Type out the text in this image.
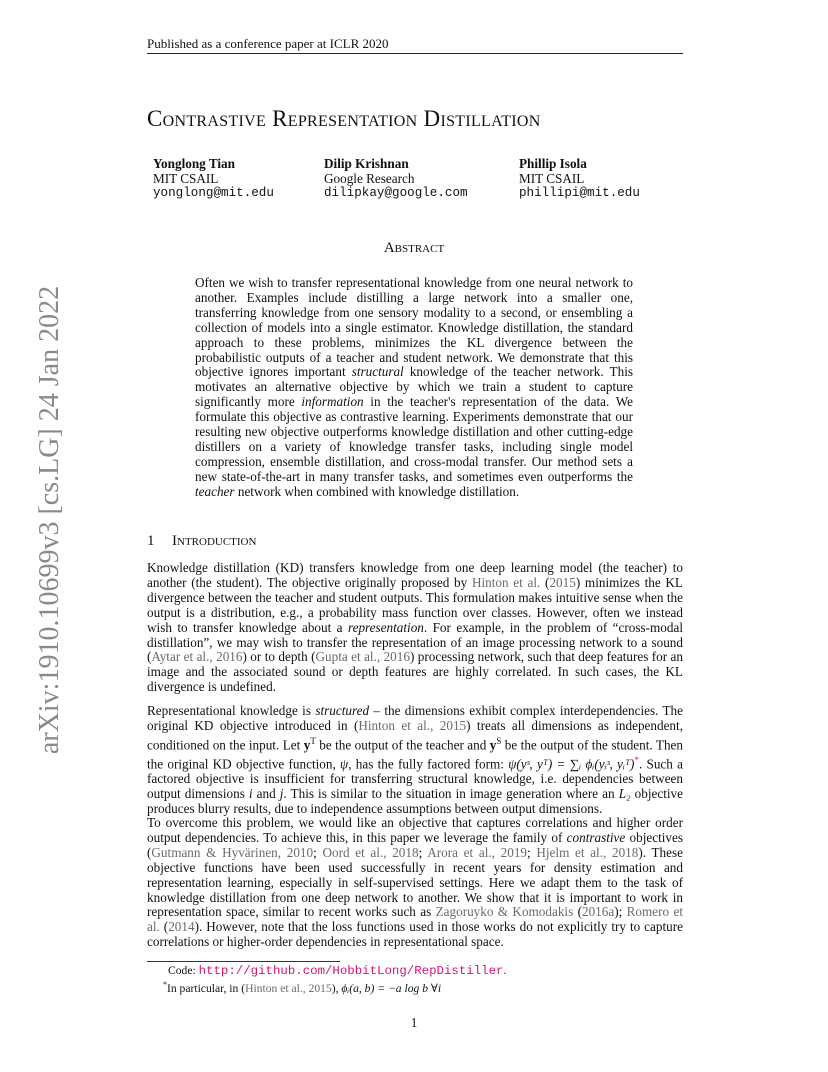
Published as a conference paper at ICLR 2020
arXiv:1910.10699v3 [cs.LG] 24 Jan 2022
Contrastive Representation Distillation
Yonglong Tian
MIT CSAIL
yonglong@mit.edu
Dilip Krishnan
Google Research
dilipkay@google.com
Phillip Isola
MIT CSAIL
phillipi@mit.edu
Abstract
Often we wish to transfer representational knowledge from one neural network to another. Examples include distilling a large network into a smaller one, transferring knowledge from one sensory modality to a second, or ensembling a collection of models into a single estimator. Knowledge distillation, the standard approach to these problems, minimizes the KL divergence between the probabilistic outputs of a teacher and student network. We demonstrate that this objective ignores important structural knowledge of the teacher network. This motivates an alternative objective by which we train a student to capture significantly more information in the teacher's representation of the data. We formulate this objective as contrastive learning. Experiments demonstrate that our resulting new objective outperforms knowledge distillation and other cutting-edge distillers on a variety of knowledge transfer tasks, including single model compression, ensemble distillation, and cross-modal transfer. Our method sets a new state-of-the-art in many transfer tasks, and sometimes even outperforms the teacher network when combined with knowledge distillation.
1 Introduction
Knowledge distillation (KD) transfers knowledge from one deep learning model (the teacher) to another (the student). The objective originally proposed by Hinton et al. (2015) minimizes the KL divergence between the teacher and student outputs. This formulation makes intuitive sense when the output is a distribution, e.g., a probability mass function over classes. However, often we instead wish to transfer knowledge about a representation. For example, in the problem of “cross-modal distillation”, we may wish to transfer the representation of an image processing network to a sound (Aytar et al., 2016) or to depth (Gupta et al., 2016) processing network, such that deep features for an image and the associated sound or depth features are highly correlated. In such cases, the KL divergence is undefined.
Representational knowledge is structured – the dimensions exhibit complex interdependencies. The original KD objective introduced in (Hinton et al., 2015) treats all dimensions as independent, conditioned on the input. Let $y^T$ be the output of the teacher and $y^S$ be the output of the student. Then the original KD objective function, ψ, has the fully factored form: ψ(yˢ, yᵀ) = ∑ᵢ ϕᵢ(yᵢˢ, yᵢᵀ)*. Such a factored objective is insufficient for transferring structural knowledge, i.e. dependencies between output dimensions i and j. This is similar to the situation in image generation where an L₂ objective produces blurry results, due to independence assumptions between output dimensions.
To overcome this problem, we would like an objective that captures correlations and higher order output dependencies. To achieve this, in this paper we leverage the family of contrastive objectives (Gutmann & Hyvärinen, 2010; Oord et al., 2018; Arora et al., 2019; Hjelm et al., 2018). These objective functions have been used successfully in recent years for density estimation and representation learning, especially in self-supervised settings. Here we adapt them to the task of knowledge distillation from one deep network to another. We show that it is important to work in representation space, similar to recent works such as Zagoruyko & Komodakis (2016a); Romero et al. (2014). However, note that the loss functions used in those works do not explicitly try to capture correlations or higher-order dependencies in representational space.
Code: http://github.com/HobbitLong/RepDistiller.
*In particular, in (Hinton et al., 2015), ϕᵢ(a, b) = −a log b ∀i
1
